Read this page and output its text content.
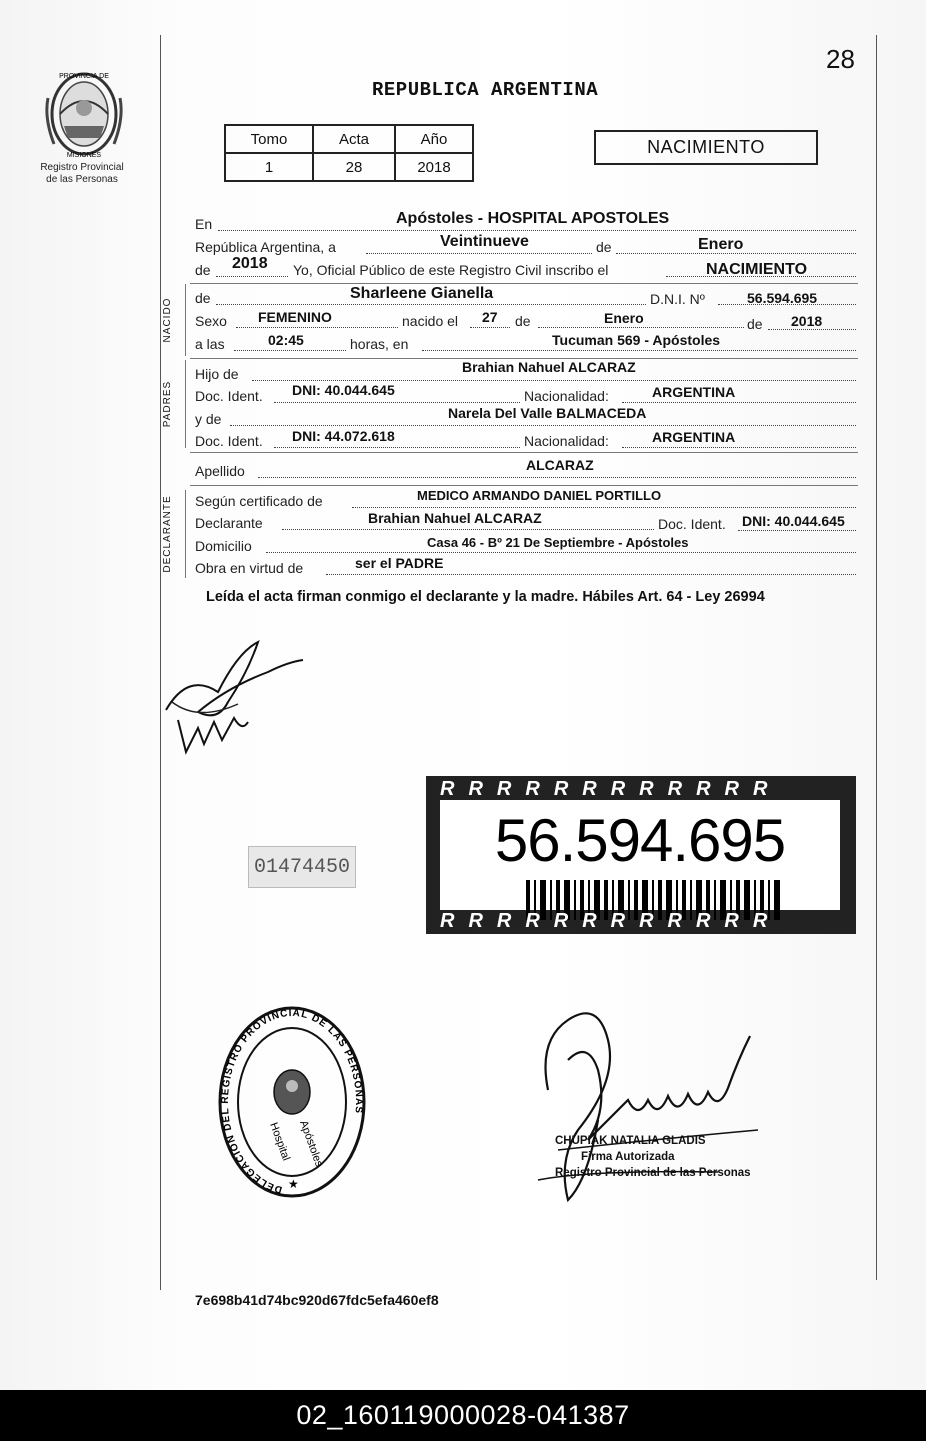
28
REPUBLICA ARGENTINA
PROVINCIA DE
MISIONES
Registro Provincial
de las Personas
Tomo	Acta	Año
1	28	2018
NACIMIENTO
En	Apóstoles - HOSPITAL APOSTOLES
República Argentina, a	Veintinueve	de	Enero
de 2018 Yo, Oficial Público de este Registro Civil inscribo el	NACIMIENTO
NACIDO	de	Sharleene Gianella	D.N.I. Nº	56.594.695
Sexo FEMENINO	nacido el 27 de	Enero	de 2018
a las	02:45	horas, en	Tucuman 569 - Apóstoles
PADRES
Hijo de	Brahian Nahuel ALCARAZ
Doc. Ident. DNI: 40.044.645	Nacionalidad:	ARGENTINA
y de	Narela Del Valle BALMACEDA
Doc. Ident. DNI: 44.072.618	Nacionalidad:	ARGENTINA
Apellido	ALCARAZ
DECLARANTE	Según certificado de	MEDICO ARMANDO DANIEL PORTILLO
Declarante	Brahian Nahuel ALCARAZ	Doc. Ident. DNI: 40.044.645
Domicilio	Casa 46 - Bº 21 De Septiembre - Apóstoles
Obra en virtud de	ser el PADRE
Leída el acta firman conmigo el declarante y la madre. Hábiles Art. 64 - Ley 26994
01474450
RRRRRRRRRRRR
56.594.695
RRRRRRRRRRRR
DELEGACION DEL REGISTRO PROVINCIAL DE LAS PERSONAS
Hospital Apóstoles
★
CHUPIAK NATALIA GLADIS
Firma Autorizada
Registro Provincial de las Personas
7e698b41d74bc920d67fdc5efa460ef8
02_160119000028-041387
